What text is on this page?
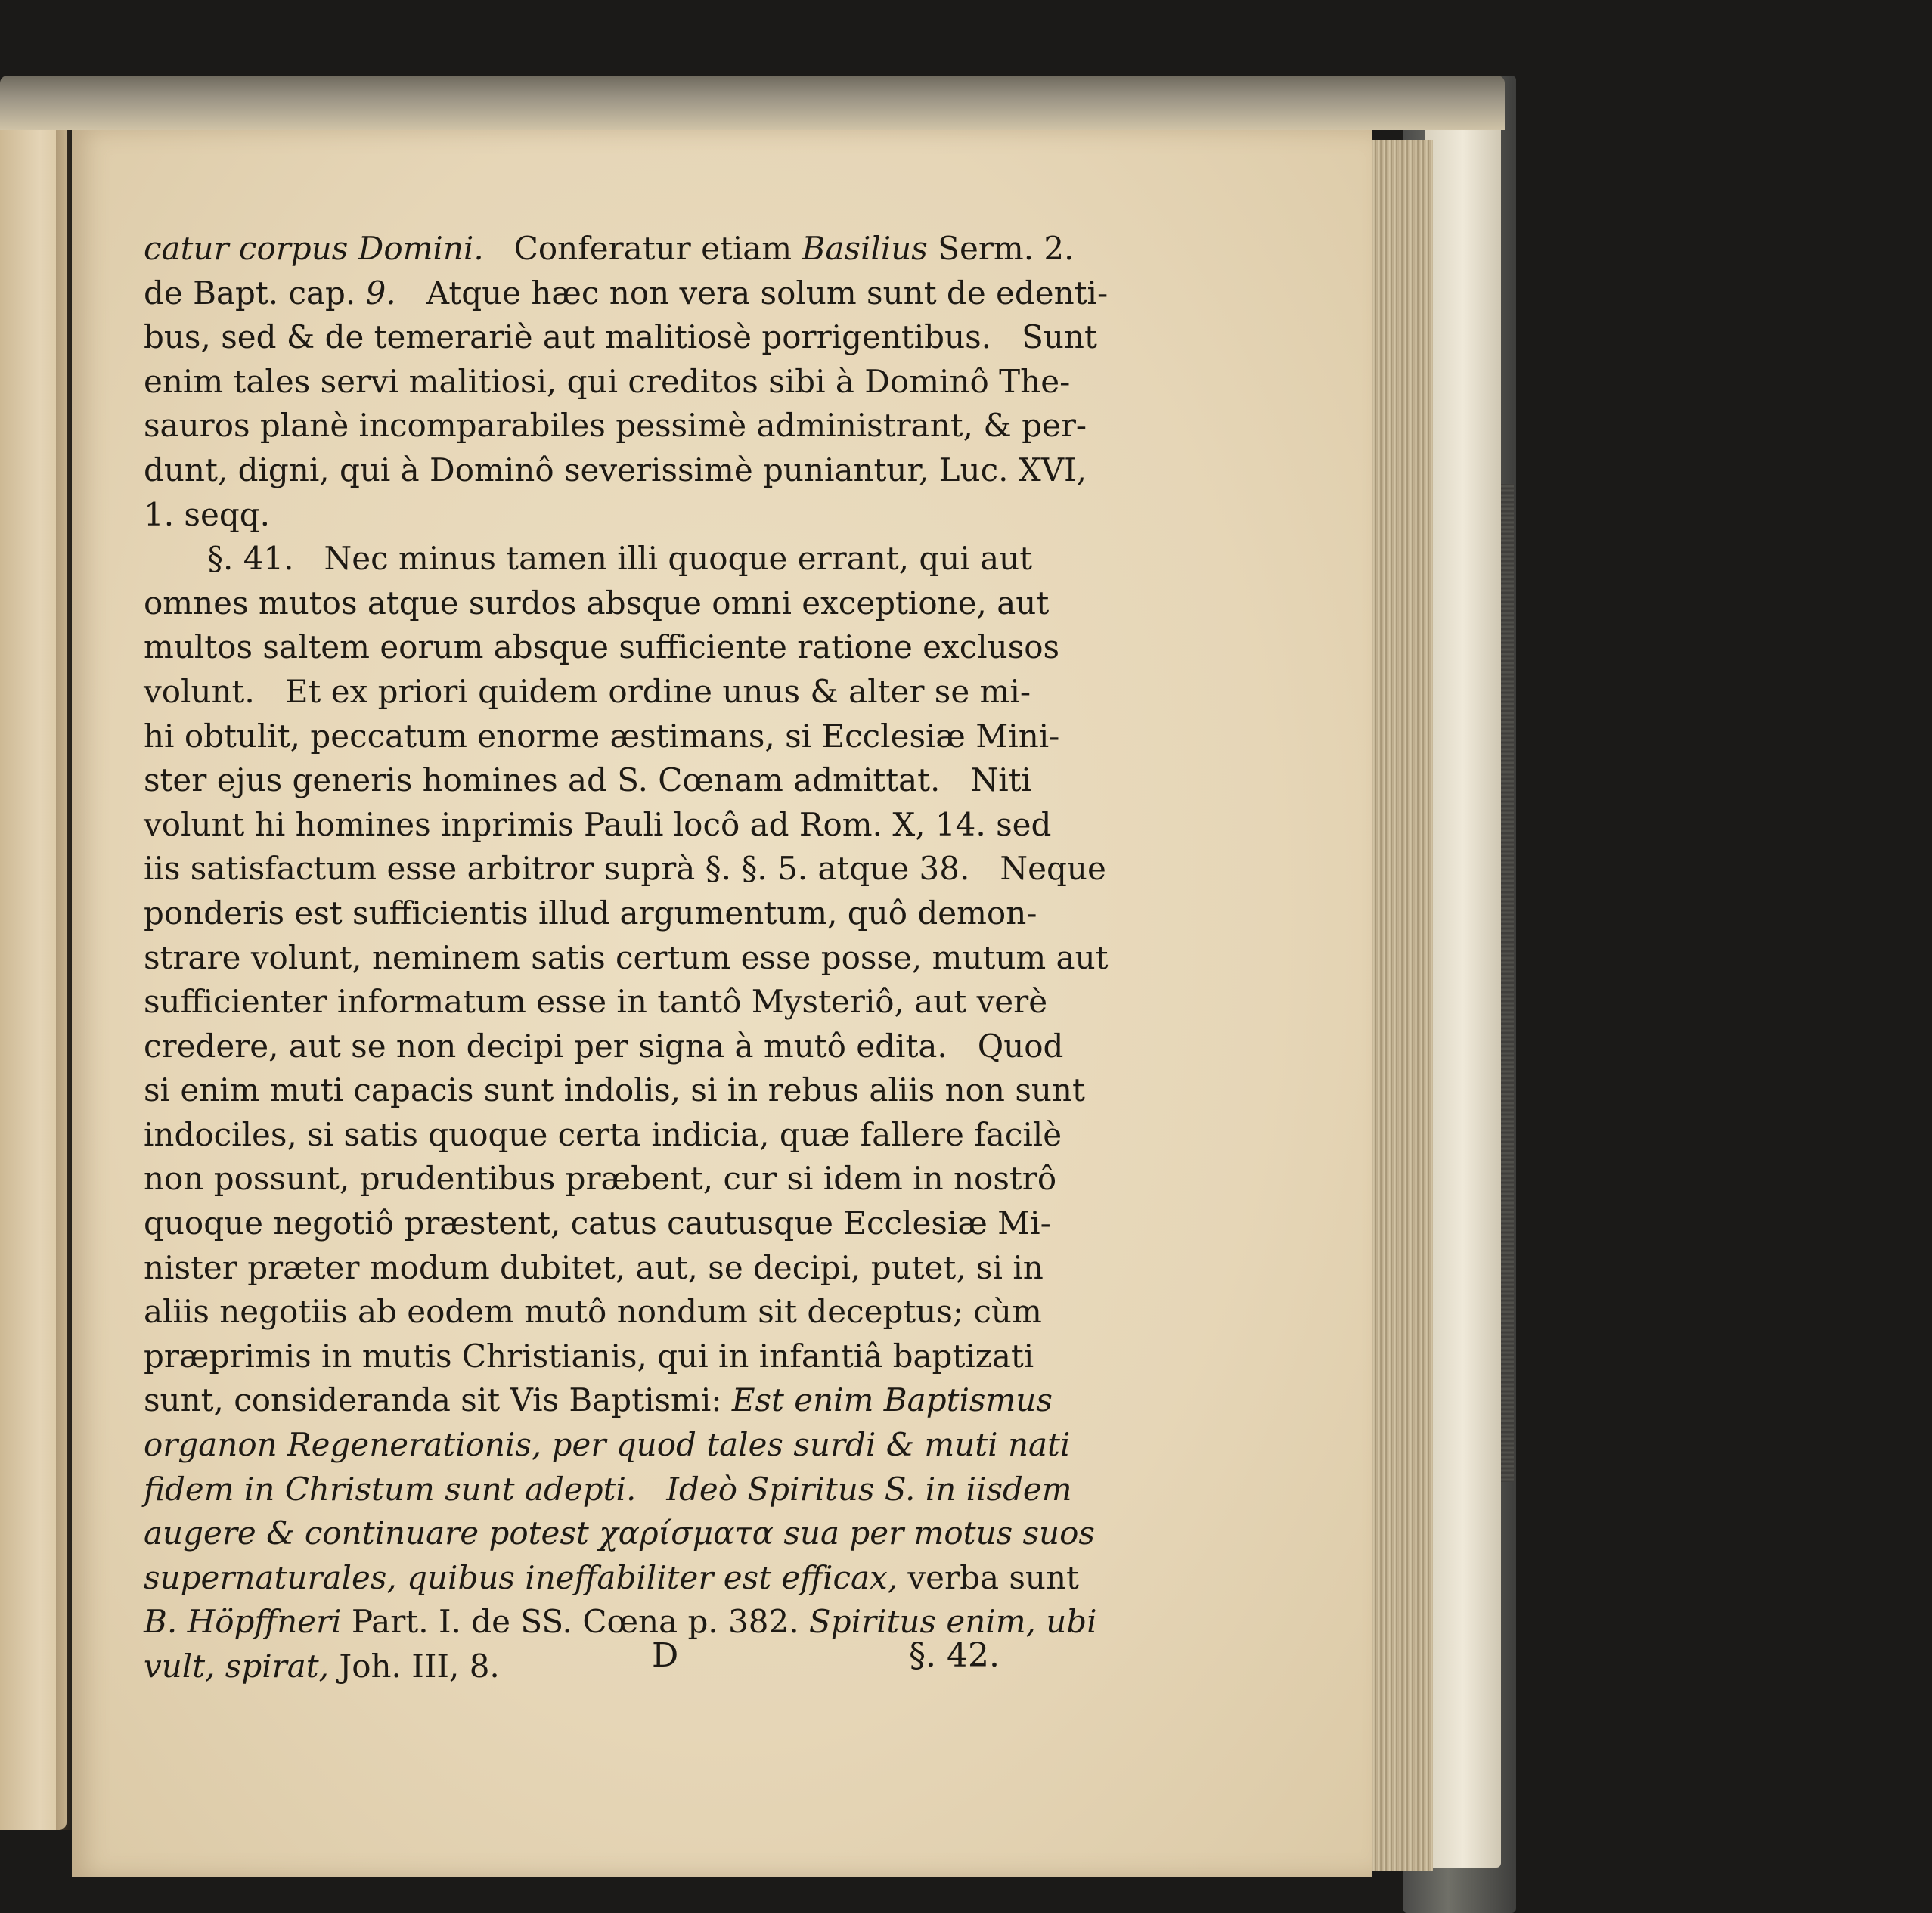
catur corpus Domini.   Conferatur etiam Basilius Serm. 2.
de Bapt. cap. 9.   Atque hæc non vera solum sunt de edenti-
bus, sed & de temerariè aut malitiosè porrigentibus.   Sunt
enim tales servi malitiosi, qui creditos sibi à Dominô The-
sauros planè incomparabiles pessimè administrant, & per-
dunt, digni, qui à Dominô severissimè puniantur, Luc. XVI,
1. seqq.
§. 41.   Nec minus tamen illi quoque errant, qui aut
omnes mutos atque surdos absque omni exceptione, aut
multos saltem eorum absque sufficiente ratione exclusos
volunt.   Et ex priori quidem ordine unus & alter se mi-
hi obtulit, peccatum enorme æstimans, si Ecclesiæ Mini-
ster ejus generis homines ad S. Cœnam admittat.   Niti
volunt hi homines inprimis Pauli locô ad Rom. X, 14. sed
iis satisfactum esse arbitror suprà §. §. 5. atque 38.   Neque
ponderis est sufficientis illud argumentum, quô demon-
strare volunt, neminem satis certum esse posse, mutum aut
sufficienter informatum esse in tantô Mysteriô, aut verè
credere, aut se non decipi per signa à mutô edita.   Quod
si enim muti capacis sunt indolis, si in rebus aliis non sunt
indociles, si satis quoque certa indicia, quæ fallere facilè
non possunt, prudentibus præbent, cur si idem in nostrô
quoque negotiô præstent, catus cautusque Ecclesiæ Mi-
nister præter modum dubitet, aut, se decipi, putet, si in
aliis negotiis ab eodem mutô nondum sit deceptus; cùm
præprimis in mutis Christianis, qui in infantiâ baptizati
sunt, consideranda sit Vis Baptismi: Est enim Baptismus
organon Regenerationis, per quod tales surdi & muti nati
fidem in Christum sunt adepti.   Ideò Spiritus S. in iisdem
augere & continuare potest χαρίσματα sua per motus suos
supernaturales, quibus ineffabiliter est efficax, verba sunt
B. Höpffneri Part. I. de SS. Cœna p. 382. Spiritus enim, ubi
vult, spirat, Joh. III, 8.	D	§. 42.
